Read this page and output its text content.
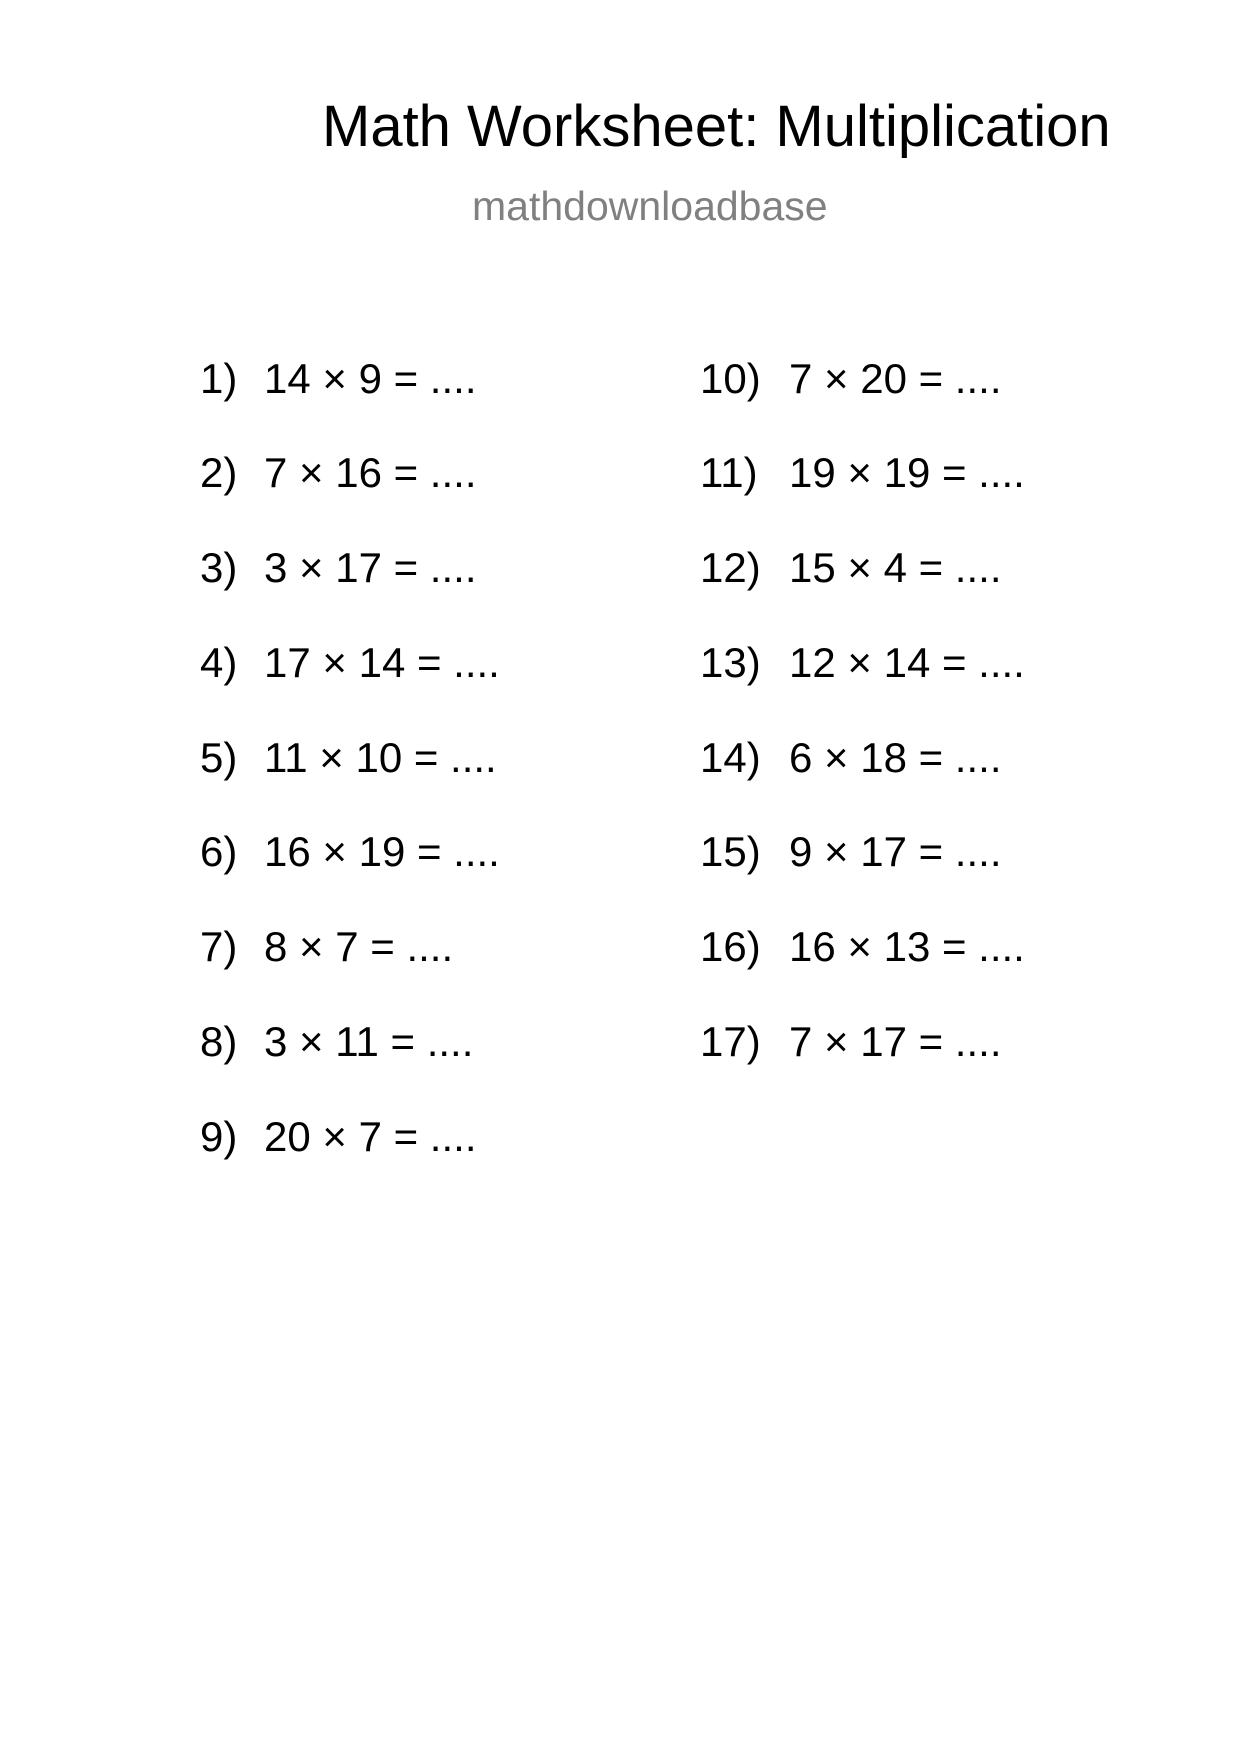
Math Worksheet: Multiplication
mathdownloadbase
1) 14 × 9 = ....
2) 7 × 16 = ....
3) 3 × 17 = ....
4) 17 × 14 = ....
5) 11 × 10 = ....
6) 16 × 19 = ....
7) 8 × 7 = ....
8) 3 × 11 = ....
9) 20 × 7 = ....
10) 7 × 20 = ....
11) 19 × 19 = ....
12) 15 × 4 = ....
13) 12 × 14 = ....
14) 6 × 18 = ....
15) 9 × 17 = ....
16) 16 × 13 = ....
17) 7 × 17 = ....
